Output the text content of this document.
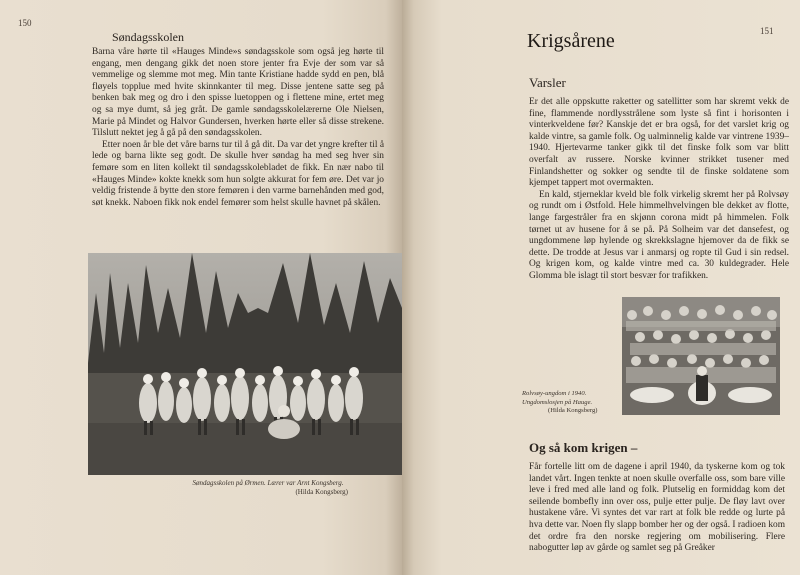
150
Søndagsskolen

Barna våre hørte til «Hauges Minde»s søndagsskole som også jeg hørte til engang, men dengang gikk det noen store jenter fra Evje der som var så vemmelige og slemme mot meg. Min tante Kristiane hadde sydd en pen, blå fløyels topplue med hvite skinnkanter til meg. Disse jentene satte seg på benken bak meg og dro i den spisse luetoppen og i flettene mine, ertet meg og sa mye dumt, så jeg gråt. De gamle søndagsskolelærerne Ole Nielsen, Marie på Mindet og Halvor Gundersen, hverken hørte eller så disse strekene. Tilslutt nektet jeg å gå på den søndagsskolen.

Etter noen år ble det våre barns tur til å gå dit. Da var det yngre krefter til å lede og barna likte seg godt. De skulle hver søndag ha med seg hver sin femøre som en liten kollekt til søndagsskolebladet de fikk. En nær nabo til «Hauges Minde» kokte knekk som hun solgte akkurat for fem øre. Det var jo veldig fristende å bytte den store femøren i den varme barnehånden med god, søt knekk. Naboen fikk nok endel femører som helst skulle havnet på skålen.

Søndagsskolen på Ørmen. Lærer var Arnt Kongsberg.
(Hilda Kongsberg)
151
Krigsårene
Varsler

Er det alle oppskutte raketter og satellitter som har skremt vekk de fine, flammende nordlysstrålene som lyste så fint i horisonten i vinterkveldene før? Kanskje det er bra også, for det varslet krig og kalde vintre, sa gamle folk. Og ualminnelig kalde var vintrene 1939–1940. Hjertevarme tanker gikk til det finske folk som var blitt overfalt av russere. Norske kvinner strikket tusener med Finlandshetter og sokker og sendte til de finske soldatene som kjempet tappert mot overmakten.

En kald, stjerneklar kveld ble folk virkelig skremt her på Rolvsøy og rundt om i Østfold. Hele himmelhvelvingen ble dekket av flotte, lange fargestråler fra en skjønn corona midt på himmelen. Folk tørnet ut av husene for å se på. På Solheim var det dansefest, og ungdommene løp hylende og skrekkslagne hjemover da de fikk se dette. De trodde at Jesus var i anmarsj og ropte til Gud i sin redsel. Og krigen kom, og kalde vintre med ca. 30 kuldegrader. Hele Glomma ble islagt til stort besvær for trafikken.

Rolvsøy-ungdom i 1940. Ungdomslosjen på Hauge.
(Hilda Kongsberg)
Og så kom krigen –

Får fortelle litt om de dagene i april 1940, da tyskerne kom og tok landet vårt. Ingen tenkte at noen skulle overfalle oss, som bare ville leve i fred med alle land og folk. Plutselig en formiddag kom det seilende bombefly inn over oss, pulje etter pulje. De fløy lavt over hustakene våre. Vi syntes det var rart at folk ble redde og lurte på hva dette var. Noen fly slapp bomber her og der også. I radioen kom det ordre fra den norske regjering om mobilisering. Flere nabogutter løp av gårde og samlet seg på Greåker
